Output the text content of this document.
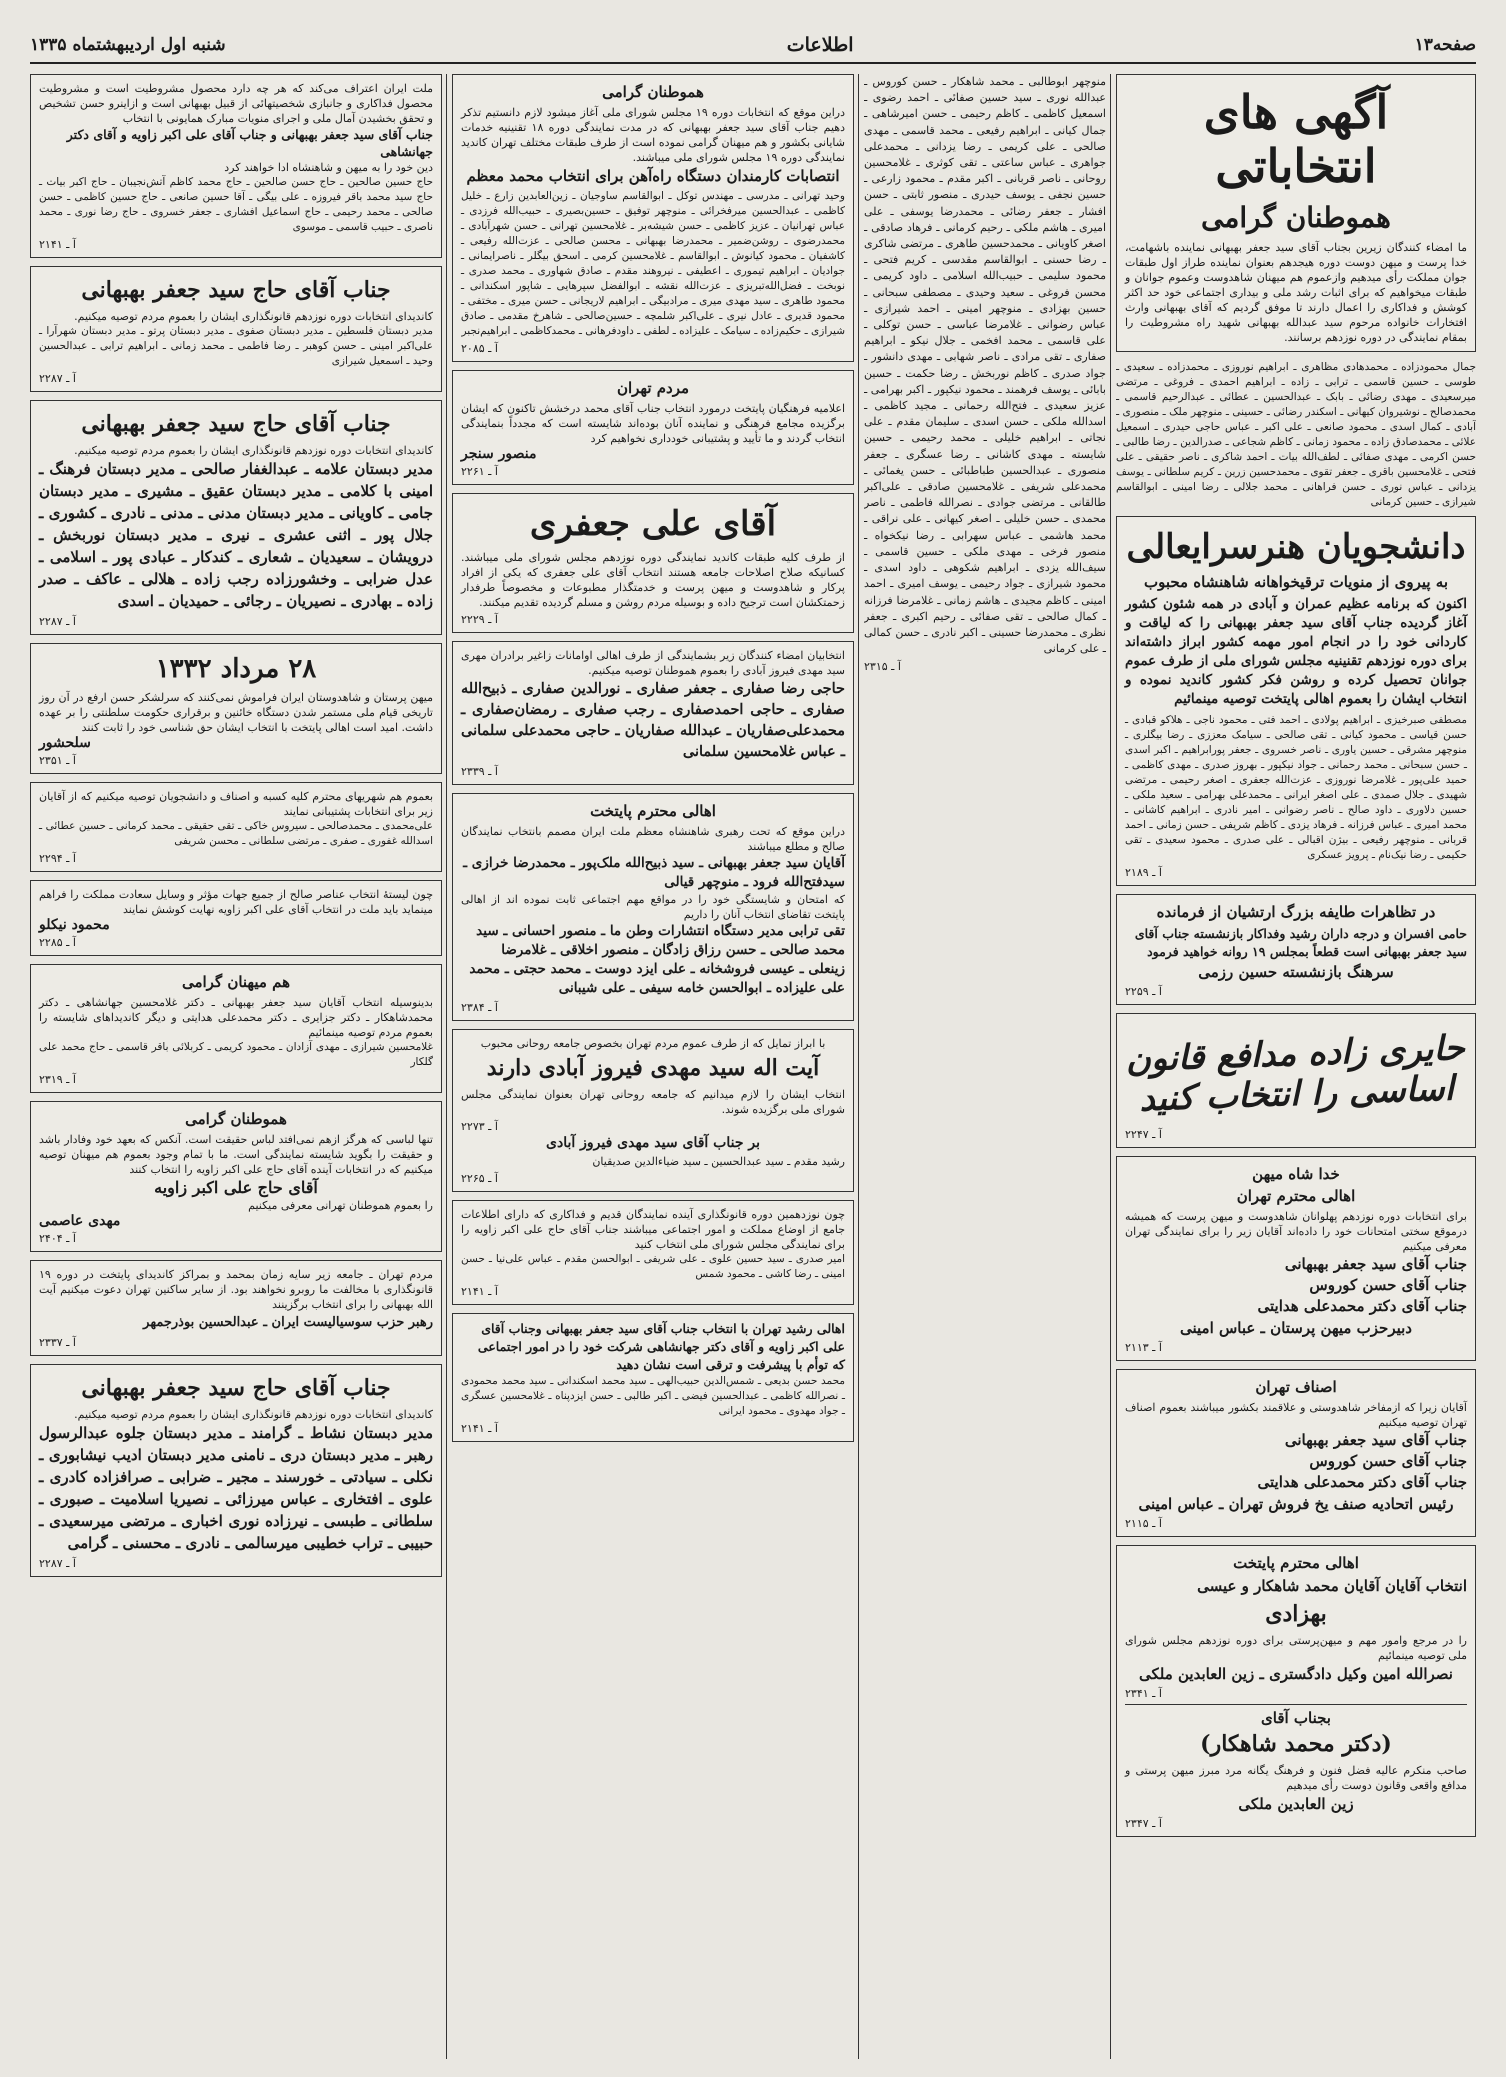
صفحه۱۳
اطلاعات
شنبه اول اردیبهشتماه ۱۳۳۵
آگهی های انتخاباتی
هموطنان گرامی
ما امضاء کنندگان زیرین بجناب آقای سید جعفر بهبهانی نماینده باشهامت، خدا پرست و میهن دوست دوره هیجدهم بعنوان نماینده طراز اول طبقات جوان مملکت رأی میدهیم وازعموم هم میهنان شاهدوست وعموم جوانان و طبقات میخواهیم که برای اثبات رشد ملی و بیداری اجتماعی خود حد اکثر کوشش و فداکاری را اعمال دارند تا موفق گردیم که آقای بهبهانی وارث افتخارات خانواده مرحوم سید عبدالله بهبهانی شهید راه مشروطیت را بمقام نمایندگی در دوره نوزدهم برسانند.
جمال محمودزاده ـ محمدهادی مظاهری ـ ابراهیم نوروزی ـ محمدزاده ـ سعیدی ـ طوسی ـ حسین قاسمی ـ ترابی ـ زاده ـ ابراهیم احمدی ـ فروغی ـ مرتضی میرسعیدی ـ مهدی رضائی ـ بابک ـ عبدالحسین ـ عطائی ـ عبدالرحیم قاسمی ـ محمدصالح ـ نوشیروان کیهانی ـ اسکندر رضائی ـ حسینی ـ منوچهر ملک ـ منصوری ـ آبادی ـ کمال اسدی ـ محمود صانعی ـ علی اکبر ـ عباس حاجی حیدری ـ اسمعیل علائی ـ محمدصادق زاده ـ محمود زمانی ـ کاظم شجاعی ـ صدرالدین ـ رضا طالبی ـ حسن اکرمی ـ مهدی صفائی ـ لطف‌الله بیات ـ احمد شاکری ـ ناصر حقیقی ـ علی فتحی ـ غلامحسین باقری ـ جعفر تقوی ـ محمدحسین زرین ـ کریم سلطانی ـ یوسف یزدانی ـ عباس نوری ـ حسن فراهانی ـ محمد جلالی ـ رضا امینی ـ ابوالقاسم شیرازی ـ حسین کرمانی
دانشجویان هنرسرایعالی
به پیروی از منویات ترقیخواهانه شاهنشاه محبوب
اکنون که برنامه عظیم عمران و آبادی در همه شئون کشور آغاز گردیده جناب آقای سید جعفر بهبهانی را که لیاقت و کاردانی خود را در انجام امور مهمه کشور ابراز داشته‌اند برای دوره نوزدهم تقنینیه مجلس شورای ملی از طرف عموم جوانان تحصیل کرده و روشن فکر کشور کاندید نموده و انتخاب ایشان را بعموم اهالی پایتخت توصیه مینمائیم
مصطفی صبرخیزی ـ ابراهیم پولادی ـ احمد فتی ـ محمود ناجی ـ هلاکو قبادی ـ حسن قیاسی ـ محمود کیانی ـ تقی صالحی ـ سیامک معززی ـ رضا بیگلری ـ منوچهر مشرقی ـ حسین یاوری ـ ناصر خسروی ـ جعفر پورابراهیم ـ اکبر اسدی ـ حسن سبحانی ـ محمد رحمانی ـ جواد نیکپور ـ بهروز صدری ـ مهدی کاظمی ـ حمید علی‌پور ـ غلامرضا نوروزی ـ عزت‌الله جعفری ـ اصغر رحیمی ـ مرتضی شهیدی ـ جلال صمدی ـ علی اصغر ایرانی ـ محمدعلی بهرامی ـ سعید ملکی ـ حسین دلاوری ـ داود صالح ـ ناصر رضوانی ـ امیر نادری ـ ابراهیم کاشانی ـ محمد امیری ـ عباس فرزانه ـ فرهاد یزدی ـ کاظم شریفی ـ حسن زمانی ـ احمد قربانی ـ منوچهر رفیعی ـ بیژن اقبالی ـ علی صدری ـ محمود سعیدی ـ تقی حکیمی ـ رضا نیک‌نام ـ پرویز عسکری
آ ـ ۲۱۸۹
در تظاهرات طایفه بزرگ ارتشیان از فرمانده
حامی افسران و درجه داران رشید وفداکار بازنشسته جناب آقای سید جعفر بهبهانی است قطعاً بمجلس ۱۹ روانه خواهید فرمود
سرهنگ بازنشسته حسین رزمی
آ ـ ۲۲۵۹
حایری زاده مدافع قانون اساسی را انتخاب کنید
آ ـ ۲۲۴۷
خدا شاه میهن
اهالی محترم تهران
برای انتخابات دوره نوزدهم پهلوانان شاهدوست و میهن پرست که همیشه درموقع سختی امتحانات خود را داده‌اند آقایان زیر را برای نمایندگی تهران معرفی میکنیم
جناب آقای سید جعفر بهبهانی
جناب آقای حسن کوروس
جناب آقای دکتر محمدعلی هدایتی
دبیرحزب میهن پرستان ـ عباس امینی
آ ـ ۲۱۱۳
اصناف تهران
آقایان زیرا که ازمفاخر شاهدوستی و علاقمند بکشور میباشند بعموم اصناف تهران توصیه میکنیم
جناب آقای سید جعفر بهبهانی
جناب آقای حسن کوروس
جناب آقای دکتر محمدعلی هدایتی
رئیس اتحادیه صنف یخ فروش تهران ـ عباس امینی
آ ـ ۲۱۱۵
اهالی محترم پایتخت
انتخاب آقایان آقایان محمد شاهکار و عیسی
بهزادی
را در مرجع وامور مهم و میهن‌پرستی برای دوره نوزدهم مجلس شورای ملی توصیه مینمائیم
نصرالله امین وکیل دادگستری ـ زین العابدین ملکی
آ ـ ۲۳۴۱
بجناب آقای
(دکتر محمد شاهکار)
صاحب منکرم عالیه فضل فنون و فرهنگ یگانه مرد مبرز میهن پرستی و مدافع واقعی وقانون دوست رأی میدهیم
زین العابدین ملکی
آ ـ ۲۳۴۷
منوچهر ابوطالبی ـ محمد شاهکار ـ حسن کوروس ـ عبدالله نوری ـ سید حسین صفائی ـ احمد رضوی ـ اسمعیل کاظمی ـ کاظم رحیمی ـ حسن امیرشاهی ـ جمال کیانی ـ ابراهیم رفیعی ـ محمد قاسمی ـ مهدی صالحی ـ علی کریمی ـ رضا یزدانی ـ محمدعلی جواهری ـ عباس ساعتی ـ تقی کوثری ـ غلامحسین روحانی ـ ناصر قربانی ـ اکبر مقدم ـ محمود زارعی ـ حسین نجفی ـ یوسف حیدری ـ منصور ثابتی ـ حسن افشار ـ جعفر رضائی ـ محمدرضا یوسفی ـ علی امیری ـ هاشم ملکی ـ رحیم کرمانی ـ فرهاد صادقی ـ اصغر کاویانی ـ محمدحسین طاهری ـ مرتضی شاکری ـ رضا حسنی ـ ابوالقاسم مقدسی ـ کریم فتحی ـ محمود سلیمی ـ حبیب‌الله اسلامی ـ داود کریمی ـ محسن فروغی ـ سعید وحیدی ـ مصطفی سبحانی ـ حسین بهزادی ـ منوچهر امینی ـ احمد شیرازی ـ عباس رضوانی ـ غلامرضا عباسی ـ حسن توکلی ـ علی قاسمی ـ محمد افخمی ـ جلال نیکو ـ ابراهیم صفاری ـ تقی مرادی ـ ناصر شهابی ـ مهدی دانشور ـ جواد صدری ـ کاظم نوربخش ـ رضا حکمت ـ حسین بابائی ـ یوسف فرهمند ـ محمود نیکپور ـ اکبر بهرامی ـ عزیز سعیدی ـ فتح‌الله رحمانی ـ مجید کاظمی ـ اسدالله ملکی ـ حسن اسدی ـ سلیمان مقدم ـ علی نجاتی ـ ابراهیم خلیلی ـ محمد رحیمی ـ حسین شایسته ـ مهدی کاشانی ـ رضا عسگری ـ جعفر منصوری ـ عبدالحسین طباطبائی ـ حسن یغمائی ـ محمدعلی شریفی ـ غلامحسین صادقی ـ علی‌اکبر طالقانی ـ مرتضی جوادی ـ نصرالله فاطمی ـ ناصر محمدی ـ حسن خلیلی ـ اصغر کیهانی ـ علی نراقی ـ محمد هاشمی ـ عباس سهرابی ـ رضا نیکخواه ـ منصور فرخی ـ مهدی ملکی ـ حسین قاسمی ـ سیف‌الله یزدی ـ ابراهیم شکوهی ـ داود اسدی ـ محمود شیرازی ـ جواد رحیمی ـ یوسف امیری ـ احمد امینی ـ کاظم مجیدی ـ هاشم زمانی ـ غلامرضا فرزانه ـ کمال صالحی ـ تقی صفائی ـ رحیم اکبری ـ جعفر نظری ـ محمدرضا حسینی ـ اکبر نادری ـ حسن کمالی ـ علی کرمانی
آ ـ ۲۳۱۵
هموطنان گرامی
دراین موقع که انتخابات دوره ۱۹ مجلس شورای ملی آغاز میشود لازم دانستیم تذکر دهیم جناب آقای سید جعفر بهبهانی که در مدت نمایندگی دوره ۱۸ تقنینیه خدمات شایانی بکشور و هم میهنان گرامی نموده است از طرف طبقات مختلف تهران کاندید نمایندگی دوره ۱۹ مجلس شورای ملی میباشند.
انتصابات کارمندان دستگاه راه‌آهن برای انتخاب محمد معظم
وحید تهرانی ـ مدرسی ـ مهندس توکل ـ ابوالقاسم ساوجیان ـ زین‌العابدین زارع ـ خلیل کاظمی ـ عبدالحسین میرفخرائی ـ منوچهر توفیق ـ حسین‌بصیری ـ حبیب‌الله فرزدی ـ عباس تهرانیان ـ عزیز کاظمی ـ حسن شیشه‌بر ـ غلامحسین تهرانی ـ حسن شهرآبادی ـ محمدرضوی ـ روشن‌ضمیر ـ محمدرضا بهبهانی ـ محسن صالحی ـ عزت‌الله رفیعی ـ کاشفیان ـ محمود کیانوش ـ ابوالقاسم ـ غلامحسین کرمی ـ اسحق بیگلر ـ ناصرایمانی ـ جوادیان ـ ابراهیم تیموری ـ اعطیفی ـ نیروهند مقدم ـ صادق شهاوری ـ محمد صدری ـ نوبخت ـ فضل‌الله‌تبریزی ـ عزت‌الله نقشه ـ ابوالفضل سپرهایی ـ شاپور اسکندانی ـ محمود طاهری ـ سید مهدی میری ـ مرادبیگی ـ ابراهیم لاریجانی ـ حسن میری ـ مختفی ـ محمود قدیری ـ عادل نیری ـ علی‌اکبر شلمچه ـ حسین‌صالحی ـ شاهرخ مقدمی ـ صادق شیرازی ـ حکیم‌زاده ـ سیامک ـ علیزاده ـ لطفی ـ داودفرهانی ـ محمدکاظمی ـ ابراهیم‌نجبر
آ ـ ۲۰۸۵
مردم تهران
اعلامیه فرهنگیان پایتخت درمورد انتخاب جناب آقای محمد درخشش تاکنون که ایشان برگزیده مجامع فرهنگی و نماینده آنان بوده‌اند شایسته است که مجدداً بنمایندگی انتخاب گردند و ما تأیید و پشتیبانی خودداری نخواهیم کرد
منصور سنجر
آ ـ ۲۲۶۱
آقای علی جعفری
از طرف کلیه طبقات کاندید نمایندگی دوره نوزدهم مجلس شورای ملی میباشند. کسانیکه صلاح اصلاحات جامعه هستند انتخاب آقای علی جعفری که یکی از افراد پرکار و شاهدوست و میهن پرست و خدمتگذار مطبوعات و مخصوصاً طرفدار زحمتکشان است ترجیح داده و بوسیله مردم روشن و مسلم گردیده تقدیم میکنند.
آ ـ ۲۲۲۹
انتخابیان امضاء کنندگان زیر بشمایندگی از طرف اهالی اوامانات زاغیر برادران مهری سید مهدی فیروز آبادی را بعموم هموطنان توصیه میکنیم.
حاجی رضا صفاری ـ جعفر صفاری ـ نورالدین صفاری ـ ذبیح‌الله صفاری ـ حاجی احمدصفاری ـ رجب صفاری ـ رمضان‌صفاری ـ محمدعلی‌صفاریان ـ عبدالله صفاریان ـ حاجی محمدعلی سلمانی ـ عباس غلامحسین سلمانی
آ ـ ۲۳۳۹
اهالی محترم پایتخت
دراین موقع که تحت رهبری شاهنشاه معظم ملت ایران مصمم بانتخاب نمایندگان صالح و مطلع میباشند
آقایان سید جعفر بهبهانی ـ سید ذبیح‌الله ملک‌پور ـ محمدرضا خرازی ـ سیدفتح‌الله فرود ـ منوچهر قیالی
که امتحان و شایستگی خود را در مواقع مهم اجتماعی ثابت نموده اند از اهالی پایتخت تقاضای انتخاب آنان را داریم
تقی ترابی مدیر دستگاه انتشارات وطن ما ـ منصور احسانی ـ سید محمد صالحی ـ حسن رزاق زادگان ـ منصور اخلاقی ـ غلامرضا زینعلی ـ عیسی فروشخانه ـ علی ایزد دوست ـ محمد حجتی ـ محمد علی علیزاده ـ ابوالحسن خامه سیفی ـ علی شیبانی
آ ـ ۲۳۸۴
با ابراز تمایل که از طرف عموم مردم تهران بخصوص جامعه روحانی محبوب
آیت اله سید مهدی فیروز آبادی دارند
انتخاب ایشان را لازم میدانیم که جامعه روحانی تهران بعنوان نمایندگی مجلس شورای ملی برگزیده شوند.
آ ـ ۲۲۷۳
بر جناب آقای سید مهدی فیروز آبادی
رشید مقدم ـ سید عبدالحسین ـ سید ضیاءالدین صدیقیان
آ ـ ۲۲۶۵
چون نوزدهمین دوره قانونگذاری آینده نمایندگان قدیم و فداکاری که دارای اطلاعات جامع از اوضاع مملکت و امور اجتماعی میباشند جناب آقای حاج علی اکبر زاویه را برای نمایندگی مجلس شورای ملی انتخاب کنید
امیر صدری ـ سید حسین علوی ـ علی شریفی ـ ابوالحسن مقدم ـ عباس علی‌نیا ـ حسن امینی ـ رضا کاشی ـ محمود شمس
آ ـ ۲۱۴۱
اهالی رشید تهران با انتخاب جناب آقای سید جعفر بهبهانی وجناب آقای علی اکبر زاویه و آقای دکتر جهانشاهی شرکت خود را در امور اجتماعی که توأم با پیشرفت و ترقی است نشان دهید
محمد حسن بدیعی ـ شمس‌الدین حبیب‌الهی ـ سید محمد اسکندانی ـ سید محمد محمودی ـ نصرالله کاظمی ـ عبدالحسین فیضی ـ اکبر طالبی ـ حسن ایزدپناه ـ غلامحسین عسگری ـ جواد مهدوی ـ محمود ایرانی
آ ـ ۲۱۴۱
ملت ایران اعتراف می‌کند که هر چه دارد محصول مشروطیت است و مشروطیت محصول فداکاری و جانبازی شخصیتهائی از قبیل بهبهانی است و ازاینرو حسن تشخیص و تحقق بخشیدن آمال ملی و اجرای منویات مبارک همایونی با انتخاب
جناب آقای سید جعفر بهبهانی و جناب آقای علی اکبر زاویه و آقای دکتر جهانشاهی
دین خود را به میهن و شاهنشاه ادا خواهند کرد
حاج حسین صالحین ـ حاج حسن صالحین ـ حاج محمد کاظم آتش‌نجیبان ـ حاج اکبر بیات ـ حاج سید محمد باقر فیروزه ـ علی بیگی ـ آقا حسین صانعی ـ حاج حسین کاظمی ـ حسن صالحی ـ محمد رحیمی ـ حاج اسماعیل افشاری ـ جعفر خسروی ـ حاج رضا نوری ـ محمد ناصری ـ حبیب قاسمی ـ موسوی
آ ـ ۲۱۴۱
جناب آقای حاج سید جعفر بهبهانی
کاندیدای انتخابات دوره نوزدهم قانونگذاری ایشان را بعموم مردم توصیه میکنیم.
مدیر دبستان فلسطین ـ مدیر دبستان صفوی ـ مدیر دبستان پرتو ـ مدیر دبستان شهرآرا ـ علی‌اکبر امینی ـ حسن کوهبر ـ رضا فاطمی ـ محمد زمانی ـ ابراهیم ترابی ـ عبدالحسین وحید ـ اسمعیل شیرازی
آ ـ ۲۲۸۷
جناب آقای حاج سید جعفر بهبهانی
کاندیدای انتخابات دوره نوزدهم قانونگذاری ایشان را بعموم مردم توصیه میکنیم.
مدیر دبستان علامه ـ عبدالغفار صالحی ـ مدیر دبستان فرهنگ ـ امینی با کلامی ـ مدیر دبستان عقیق ـ مشیری ـ مدیر دبستان جامی ـ کاویانی ـ مدیر دبستان مدنی ـ مدنی ـ نادری ـ کشوری ـ جلال پور ـ اثنی عشری ـ نیری ـ مدیر دبستان نوربخش ـ درویشان ـ سعیدیان ـ شعاری ـ کندکار ـ عبادی پور ـ اسلامی ـ عدل ضرابی ـ وخشورزاده رجب زاده ـ هلالی ـ عاکف ـ صدر زاده ـ بهادری ـ نصیریان ـ رجائی ـ حمیدیان ـ اسدی
آ ـ ۲۲۸۷
۲۸ مرداد ۱۳۳۲
میهن پرستان و شاهدوستان ایران فراموش نمی‌کنند که سرلشکر حسن ارفع در آن روز تاریخی قیام ملی مستمر شدن دستگاه خائنین و برقراری حکومت سلطنتی را بر عهده داشت. امید است اهالی پایتخت با انتخاب ایشان حق شناسی خود را ثابت کنند
سلحشور
آ ـ ۲۳۵۱
بعموم هم شهریهای محترم کلیه کسبه و اصناف و دانشجویان توصیه میکنیم که از آقایان زیر برای انتخابات پشتیبانی نمایند
علی‌محمدی ـ محمدصالحی ـ سیروس خاکی ـ تقی حقیقی ـ محمد کرمانی ـ حسین عطائی ـ اسدالله غفوری ـ صفری ـ مرتضی سلطانی ـ محسن شریفی
آ ـ ۲۲۹۴
چون لیستهٔ انتخاب عناصر صالح از جمیع جهات مؤثر و وسایل سعادت مملکت را فراهم مینماید باید ملت در انتخاب آقای علی اکبر زاویه نهایت کوشش نمایند
محمود نیکلو
آ ـ ۲۲۸۵
هم میهنان گرامی
بدینوسیله انتخاب آقایان سید جعفر بهبهانی ـ دکتر غلامحسین جهانشاهی ـ دکتر محمدشاهکار ـ دکتر جزایری ـ دکتر محمدعلی هدایتی و دیگر کاندیداهای شایسته را بعموم مردم توصیه مینمائیم
غلامحسین شیرازی ـ مهدی آزادان ـ محمود کریمی ـ کربلائی باقر قاسمی ـ حاج محمد علی گلکار
آ ـ ۲۳۱۹
هموطنان گرامی
تنها لباسی که هرگز ازهم نمی‌افتد لباس حقیقت است. آنکس که بعهد خود وفادار باشد و حقیقت را بگوید شایسته نمایندگی است. ما با تمام وجود بعموم هم میهنان توصیه میکنیم که در انتخابات آینده آقای حاج علی اکبر زاویه را انتخاب کنند
آقای حاج علی اکبر زاویه
را بعموم هموطنان تهرانی معرفی میکنیم
مهدی عاصمی
آ ـ ۲۴۰۴
مردم تهران ـ جامعه زیر سایه زمان بمحمد و بمراکز کاندیدای پایتخت در دوره ۱۹ قانونگذاری با مخالفت ما روبرو نخواهند بود. از سایر ساکنین تهران دعوت میکنیم آیت الله بهبهانی را برای انتخاب برگزینند
رهبر حزب سوسیالیست ایران ـ عبدالحسین بوذرجمهر
آ ـ ۲۳۳۷
جناب آقای حاج سید جعفر بهبهانی
کاندیدای انتخابات دوره نوزدهم قانونگذاری ایشان را بعموم مردم توصیه میکنیم.
مدیر دبستان نشاط ـ گرامند ـ مدیر دبستان جلوه عبدالرسول رهبر ـ مدیر دبستان دری ـ نامنی مدیر دبستان ادیب نیشابوری ـ نکلی ـ سیادتی ـ خورسند ـ مجیر ـ ضرابی ـ صرافزاده کادری ـ علوی ـ افتخاری ـ عباس میرزائی ـ نصیریا اسلامیت ـ صبوری ـ سلطانی ـ طبسی ـ نیرزاده نوری اخباری ـ مرتضی میرسعیدی ـ حبیبی ـ تراب خطیبی میرسالمی ـ نادری ـ محسنی ـ گرامی
آ ـ ۲۲۸۷
